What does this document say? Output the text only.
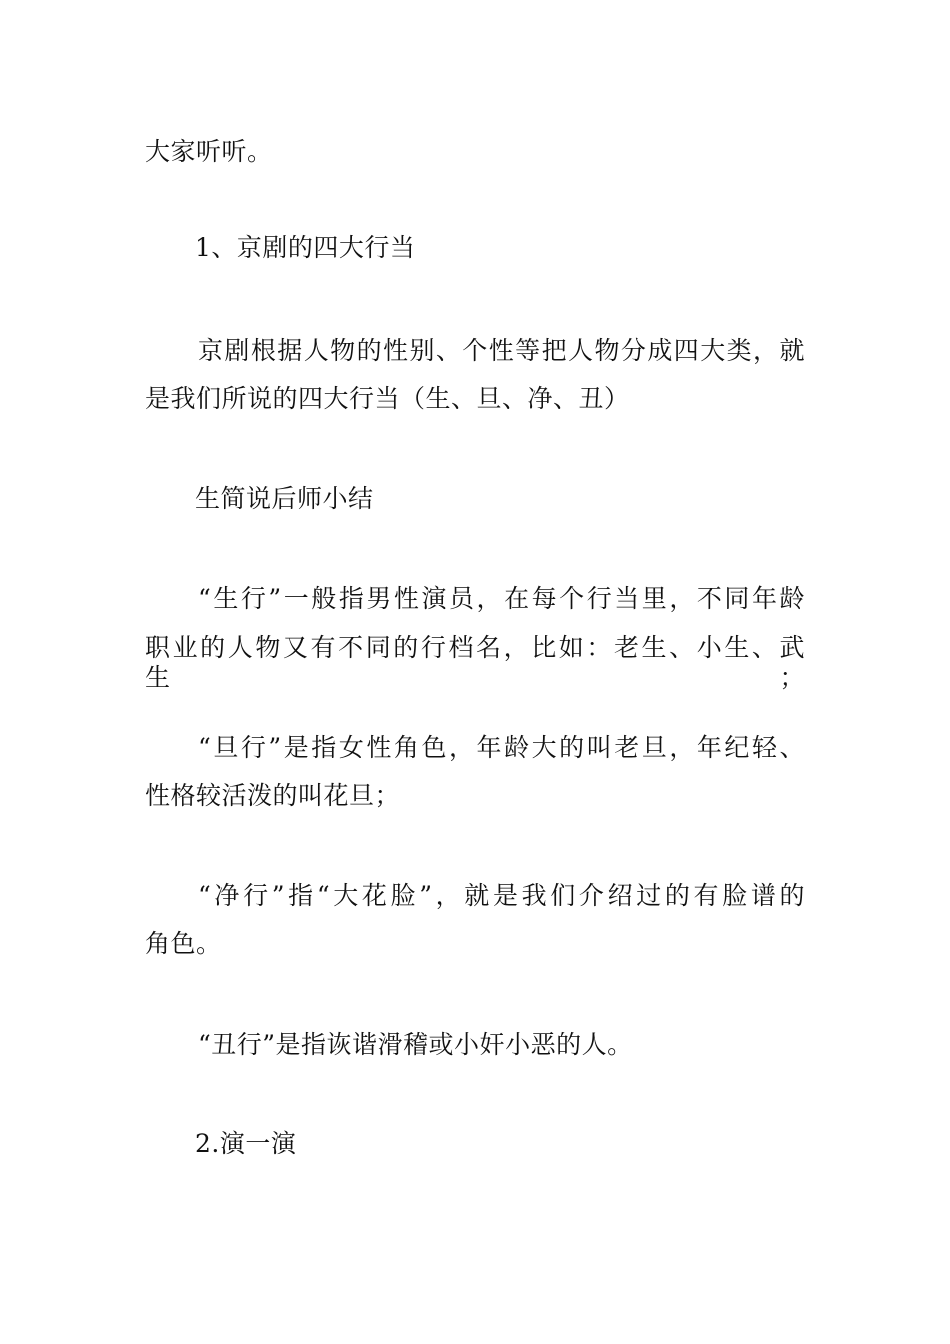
大家听听。
1、京剧的四大行当
京剧根据人物的性别、个性等把人物分成四大类，就
是我们所说的四大行当（生、旦、净、丑）
生简说后师小结
“生行”一般指男性演员，在每个行当里，不同年龄
职业的人物又有不同的行档名，比如：老生、小生、武生；
“旦行”是指女性角色，年龄大的叫老旦，年纪轻、
性格较活泼的叫花旦；
“净行”指“大花脸”，就是我们介绍过的有脸谱的
角色。
“丑行”是指诙谐滑稽或小奸小恶的人。
2.演一演
